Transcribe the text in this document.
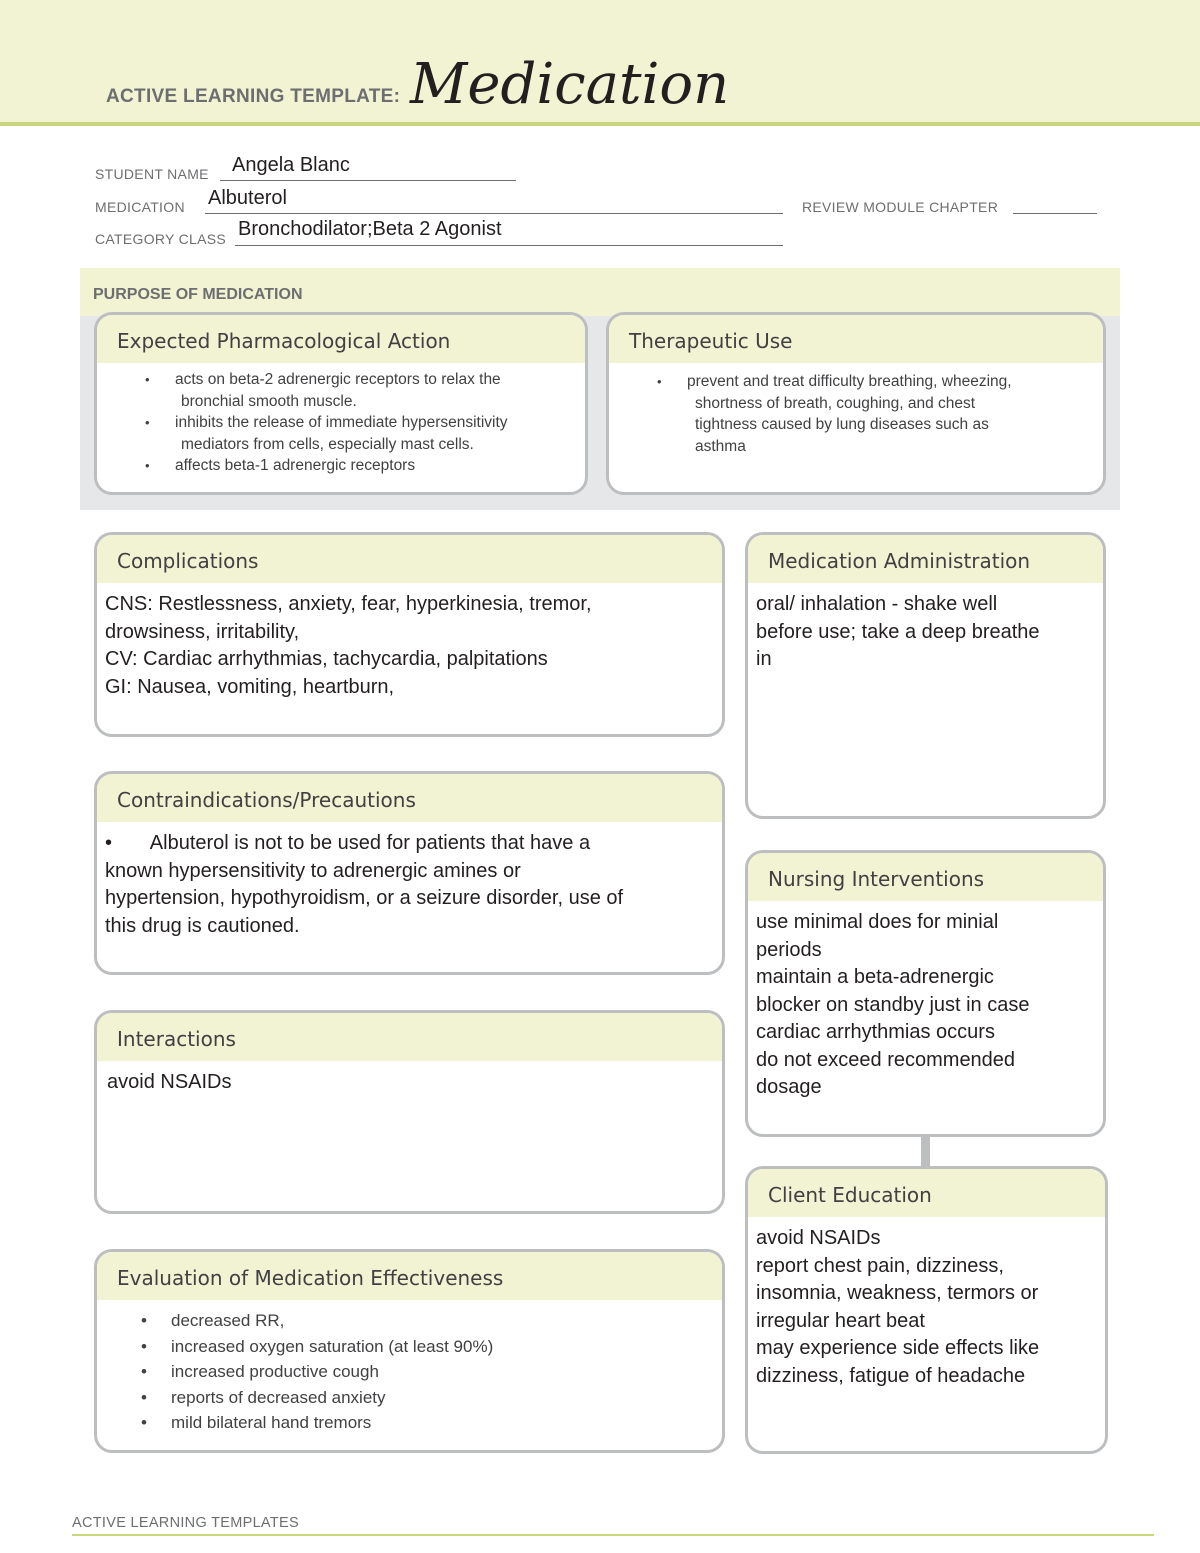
ACTIVE LEARNING TEMPLATE: Medication
STUDENT NAME Angela Blanc
MEDICATION Albuterol	REVIEW MODULE CHAPTER
CATEGORY CLASS Bronchodilator;Beta 2 Agonist
PURPOSE OF MEDICATION
Expected Pharmacological Action
• acts on beta-2 adrenergic receptors to relax the
bronchial smooth muscle.
• inhibits the release of immediate hypersensitivity
mediators from cells, especially mast cells.
• affects beta-1 adrenergic receptors
Therapeutic Use
• prevent and treat difficulty breathing, wheezing,
shortness of breath, coughing, and chest
tightness caused by lung diseases such as
asthma
Complications
CNS: Restlessness, anxiety, fear, hyperkinesia, tremor,
drowsiness, irritability,
CV: Cardiac arrhythmias, tachycardia, palpitations
GI: Nausea, vomiting, heartburn,
Medication Administration
oral/ inhalation - shake well
before use; take a deep breathe
in
Contraindications/Precautions
•       Albuterol is not to be used for patients that have a
known hypersensitivity to adrenergic amines or
hypertension, hypothyroidism, or a seizure disorder, use of
this drug is cautioned.
Nursing Interventions
use minimal does for minial
periods
maintain a beta-adrenergic
blocker on standby just in case
cardiac arrhythmias occurs
do not exceed recommended
dosage
Interactions
avoid NSAIDs
Client Education
avoid NSAIDs
report chest pain, dizziness,
insomnia, weakness, termors or
irregular heart beat
may experience side effects like
dizziness, fatigue of headache
Evaluation of Medication Effectiveness
• decreased RR,
• increased oxygen saturation (at least 90%)
• increased productive cough
• reports of decreased anxiety
• mild bilateral hand tremors
ACTIVE LEARNING TEMPLATES
